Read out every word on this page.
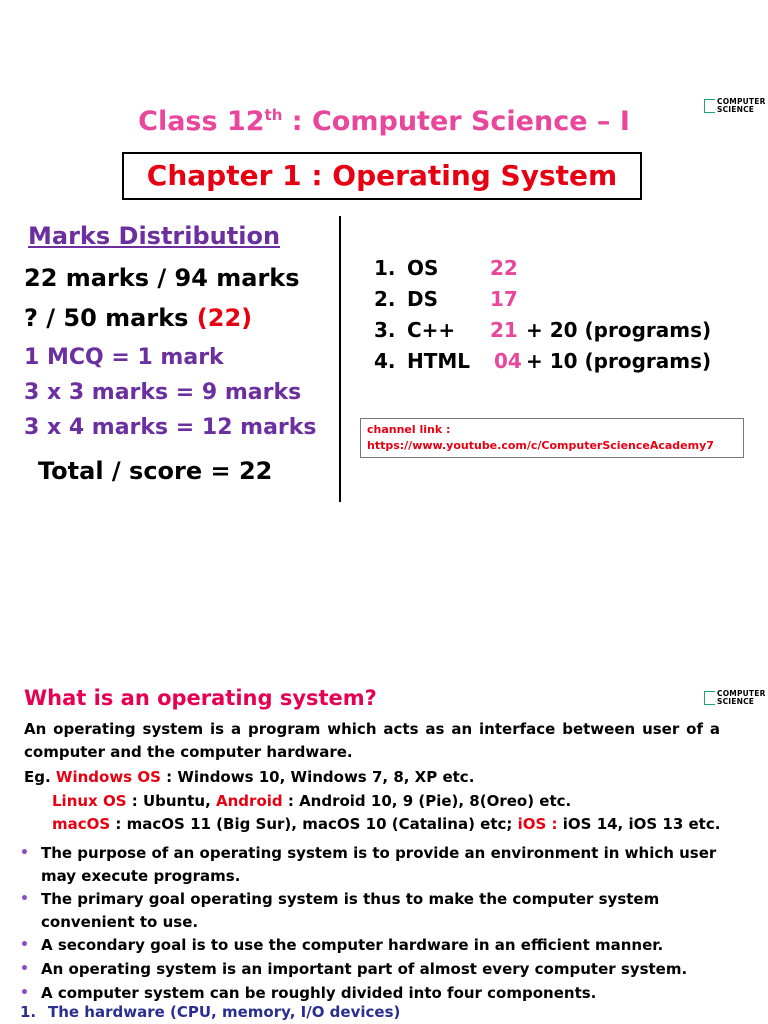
COMPUTER
SCIENCE
Class 12th : Computer Science – I
Chapter 1 : Operating System
Marks Distribution
22 marks / 94 marks
? / 50 marks (22)
1 MCQ = 1 mark
3 x 3 marks = 9 marks
3 x 4 marks = 12 marks
Total / score = 22
1. OS	22
2. DS	17
3. C++ 21 + 20 (programs)
4. HTML 04 + 10 (programs)
channel link :
https://www.youtube.com/c/ComputerScienceAcademy7
COMPUTER
SCIENCE
What is an operating system?
An operating system is a program which acts as an interface between user of a computer and the computer hardware.
Eg. Windows OS : Windows 10, Windows 7, 8, XP etc.
Linux OS : Ubuntu, Android : Android 10, 9 (Pie), 8(Oreo) etc.
macOS : macOS 11 (Big Sur), macOS 10 (Catalina) etc; iOS : iOS 14, iOS 13 etc.
• The purpose of an operating system is to provide an environment in which user may execute programs.
• The primary goal operating system is thus to make the computer system convenient to use.
• A secondary goal is to use the computer hardware in an efficient manner.
• An operating system is an important part of almost every computer system.
• A computer system can be roughly divided into four components.
1. The hardware (CPU, memory, I/O devices)
